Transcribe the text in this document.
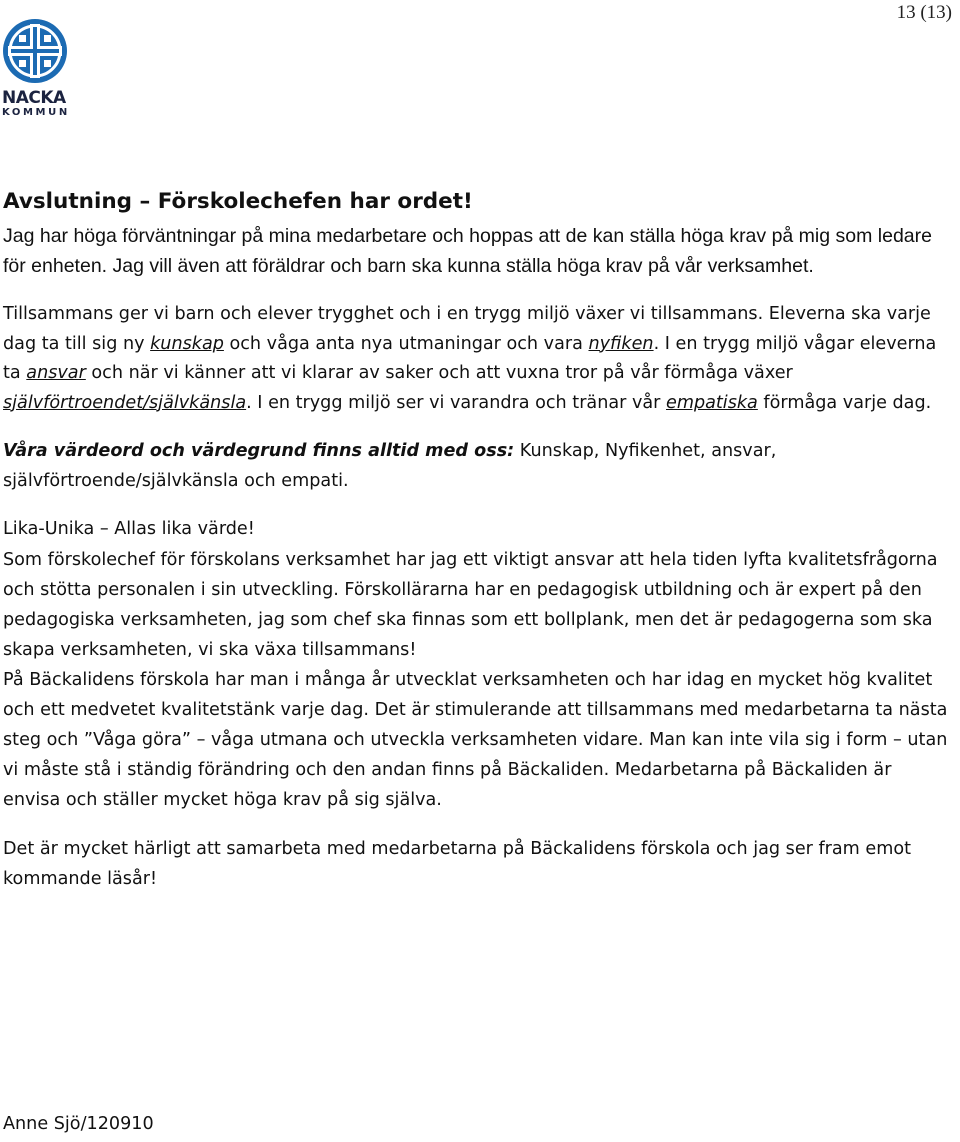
13 (13)
NACKA
KOMMUN
Avslutning – Förskolechefen har ordet!

Jag har höga förväntningar på mina medarbetare och hoppas att de kan ställa höga krav på mig som ledare för enheten. Jag vill även att föräldrar och barn ska kunna ställa höga krav på vår verksamhet.

Tillsammans ger vi barn och elever trygghet och i en trygg miljö växer vi tillsammans. Eleverna ska varje dag ta till sig ny kunskap och våga anta nya utmaningar och vara nyfiken. I en trygg miljö vågar eleverna ta ansvar och när vi känner att vi klarar av saker och att vuxna tror på vår förmåga växer självförtroendet/självkänsla. I en trygg miljö ser vi varandra och tränar vår empatiska förmåga varje dag.

Våra värdeord och värdegrund finns alltid med oss: Kunskap, Nyfikenhet, ansvar, självförtroende/självkänsla och empati.

Lika-Unika – Allas lika värde!

Som förskolechef för förskolans verksamhet har jag ett viktigt ansvar att hela tiden lyfta kvalitetsfrågorna och stötta personalen i sin utveckling. Förskollärarna har en pedagogisk utbildning och är expert på den pedagogiska verksamheten, jag som chef ska finnas som ett bollplank, men det är pedagogerna som ska skapa verksamheten, vi ska växa tillsammans!

På Bäckalidens förskola har man i många år utvecklat verksamheten och har idag en mycket hög kvalitet och ett medvetet kvalitetstänk varje dag. Det är stimulerande att tillsammans med medarbetarna ta nästa steg och ”Våga göra” – våga utmana och utveckla verksamheten vidare. Man kan inte vila sig i form – utan vi måste stå i ständig förändring och den andan finns på Bäckaliden. Medarbetarna på Bäckaliden är envisa och ställer mycket höga krav på sig själva.

Det är mycket härligt att samarbeta med medarbetarna på Bäckalidens förskola och jag ser fram emot kommande läsår!

Anne Sjö/120910
